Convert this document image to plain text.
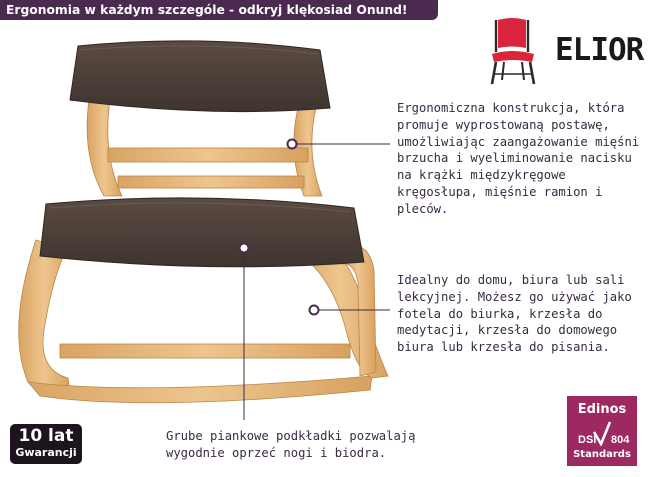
Ergonomia w każdym szczególe - odkryj klękosiad Onund!
ELIOR

Ergonomiczna konstrukcja, która promuje wyprostowaną postawę, umożliwiając zaangażowanie mięśni brzucha i wyeliminowanie nacisku na krążki międzykręgowe kręgosłupa, mięśnie ramion i pleców.

Idealny do domu, biura lub sali lekcyjnej. Możesz go używać jako fotela do biurka, krzesła do medytacji, krzesła do domowego biura lub krzesła do pisania.

Grube piankowe podkładki pozwalają wygodnie oprzeć nogi i biodra.

10 lat
Gwarancji
Edinos
DSI 804
Standards
